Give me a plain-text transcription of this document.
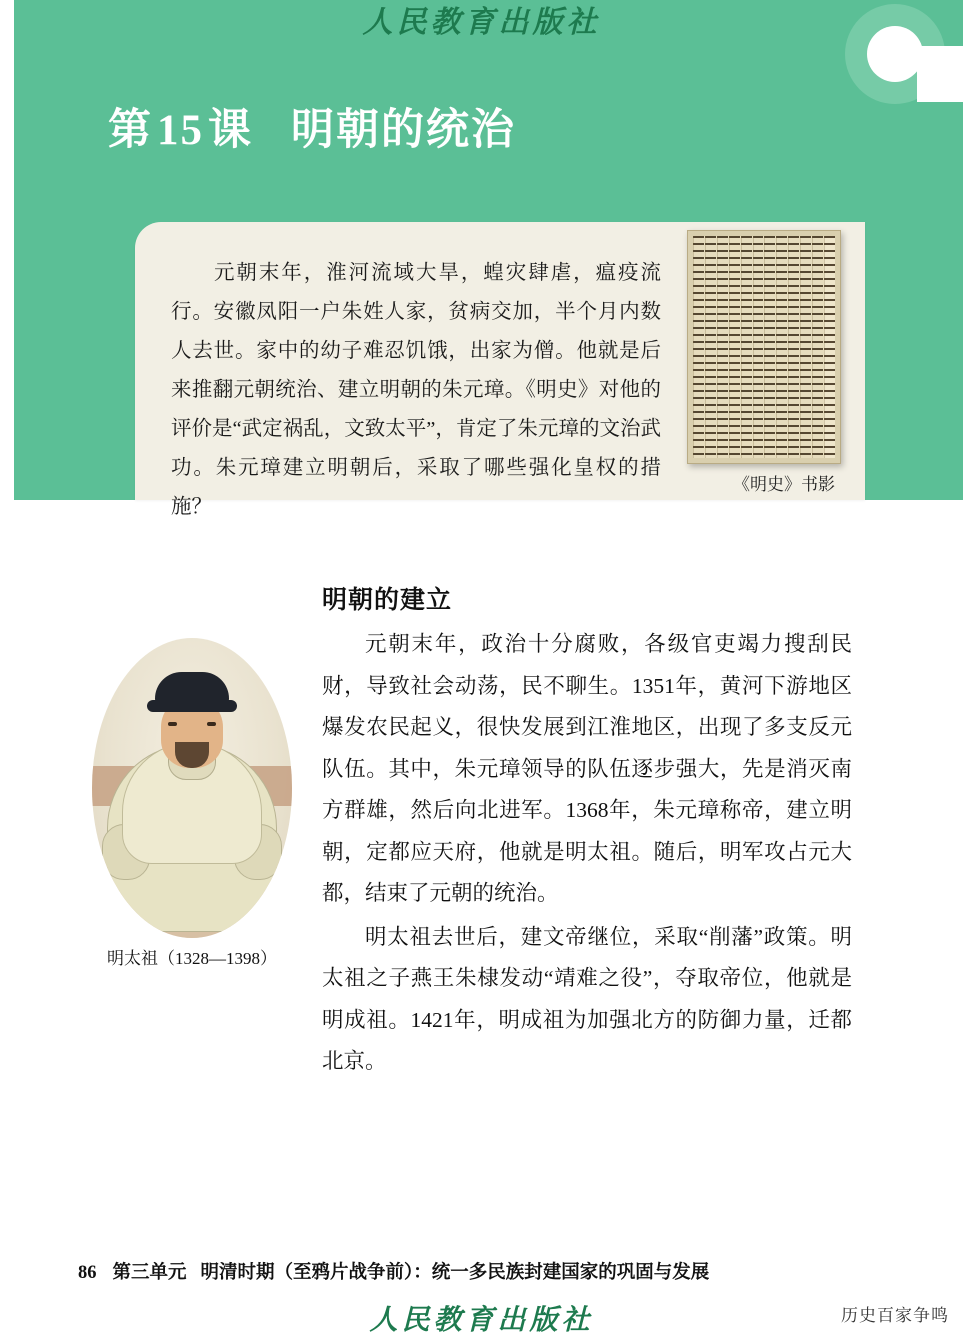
人民教育出版社
第15课 明朝的统治
元朝末年，淮河流域大旱，蝗灾肆虐，瘟疫流行。安徽凤阳一户朱姓人家，贫病交加，半个月内数人去世。家中的幼子难忍饥饿，出家为僧。他就是后来推翻元朝统治、建立明朝的朱元璋。《明史》对他的评价是“武定祸乱，文致太平”，肯定了朱元璋的文治武功。朱元璋建立明朝后，采取了哪些强化皇权的措施？
《明史》书影
明朝的建立

元朝末年，政治十分腐败，各级官吏竭力搜刮民财，导致社会动荡，民不聊生。1351年，黄河下游地区爆发农民起义，很快发展到江淮地区，出现了多支反元队伍。其中，朱元璋领导的队伍逐步强大，先是消灭南方群雄，然后向北进军。1368年，朱元璋称帝，建立明朝，定都应天府，他就是明太祖。随后，明军攻占元大都，结束了元朝的统治。

明太祖去世后，建文帝继位，采取“削藩”政策。明太祖之子燕王朱棣发动“靖难之役”，夺取帝位，他就是明成祖。1421年，明成祖为加强北方的防御力量，迁都北京。

明太祖（1328—1398）
86 第三单元 明清时期（至鸦片战争前）：统一多民族封建国家的巩固与发展
人民教育出版社	历史百家争鸣
